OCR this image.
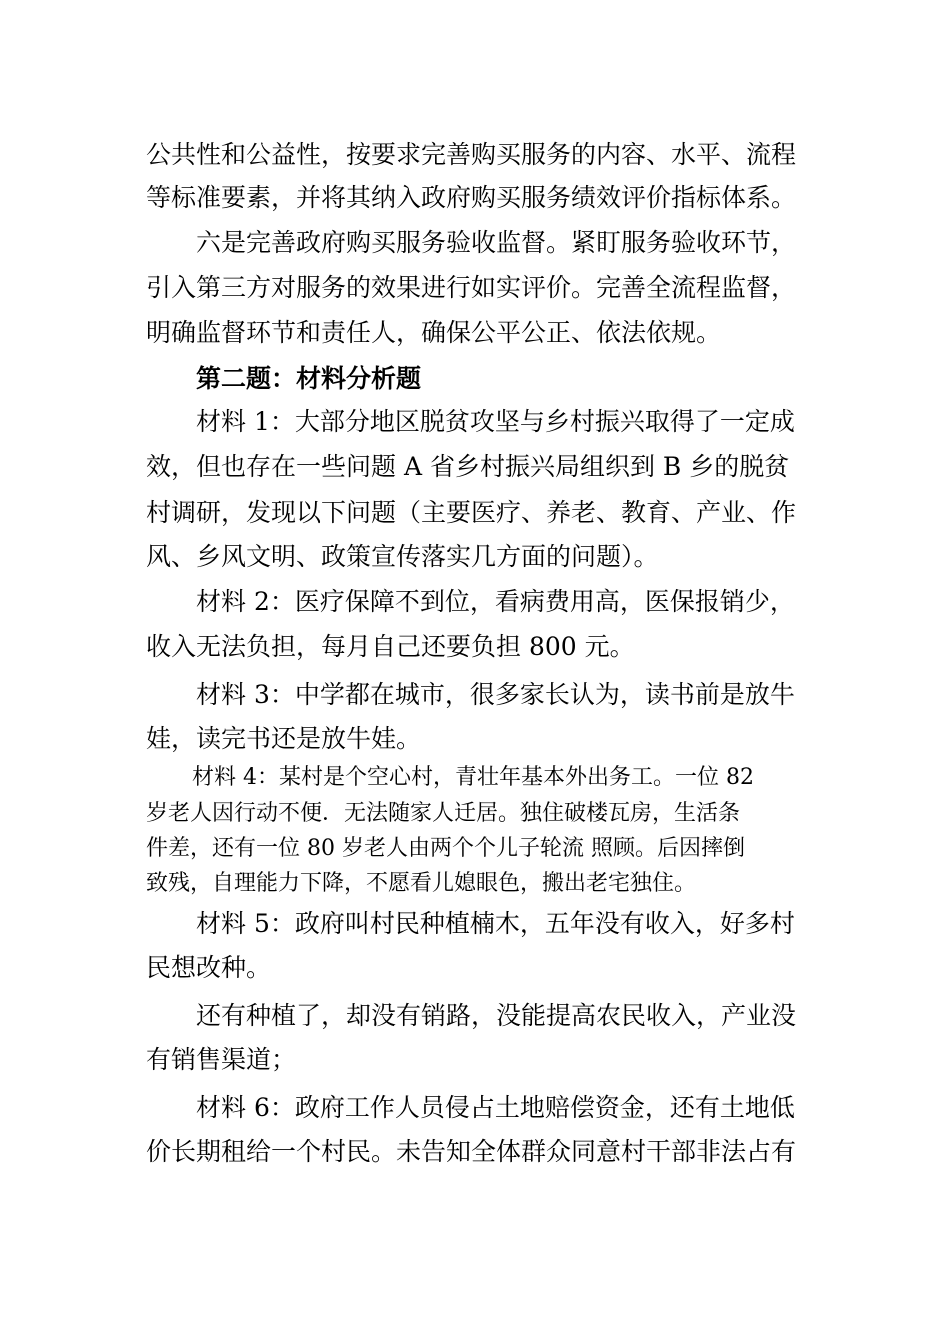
公共性和公益性，按要求完善购买服务的内容、水平、流程
等标准要素，并将其纳入政府购买服务绩效评价指标体系。
六是完善政府购买服务验收监督。紧盯服务验收环节，
引入第三方对服务的效果进行如实评价。完善全流程监督，
明确监督环节和责任人，确保公平公正、依法依规。
第二题：材料分析题
材料 1：大部分地区脱贫攻坚与乡村振兴取得了一定成
效，但也存在一些问题 A 省乡村振兴局组织到 B 乡的脱贫
村调研，发现以下问题（主要医疗、养老、教育、产业、作
风、乡风文明、政策宣传落实几方面的问题）。
材料 2：医疗保障不到位，看病费用高，医保报销少，
收入无法负担，每月自己还要负担 800 元。
材料 3：中学都在城市，很多家长认为，读书前是放牛
娃，读完书还是放牛娃。
材料 4：某村是个空心村，青壮年基本外出务工。一位 82
岁老人因行动不便．无法随家人迁居。独住破楼瓦房，生活条
件差，还有一位 80 岁老人由两个个儿子轮流 照顾。后因摔倒
致残，自理能力下降，不愿看儿媳眼色，搬出老宅独住。
材料 5：政府叫村民种植楠木，五年没有收入，好多村
民想改种。
还有种植了，却没有销路，没能提高农民收入，产业没
有销售渠道；
材料 6：政府工作人员侵占土地赔偿资金，还有土地低
价长期租给一个村民。未告知全体群众同意村干部非法占有
